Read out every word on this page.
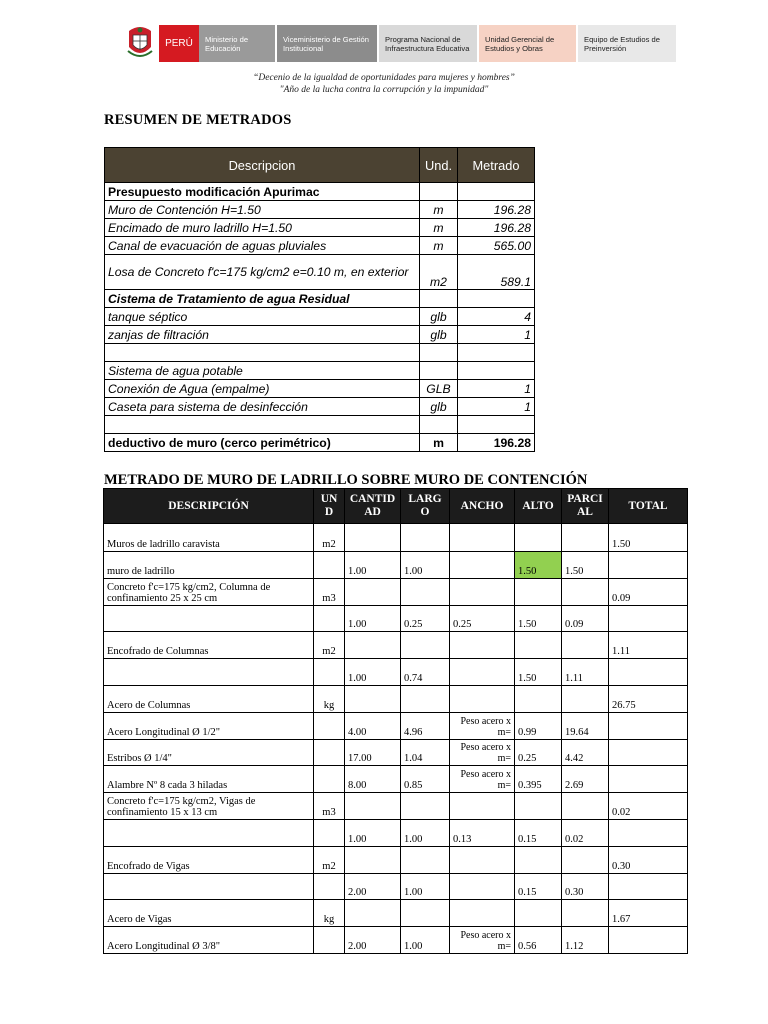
PERÚ	Ministerio de Educación
Viceministerio de Gestión Institucional
Programa Nacional de Infraestructura Educativa
Unidad Gerencial de Estudios y Obras
Equipo de Estudios de Preinversión
“Decenio de la igualdad de oportunidades para mujeres y hombres”
"Año de la lucha contra la corrupción y la impunidad"
RESUMEN DE METRADOS
Descripcion	Und.	Metrado
Presupuesto modificación Apurimac		
Muro de Contención H=1.50	m	196.28
Encimado de muro ladrillo H=1.50	m	196.28
Canal de evacuación de aguas pluviales	m	565.00
Losa de Concreto f'c=175 kg/cm2 e=0.10 m, en exterior	m2	589.1
Cistema de Tratamiento de agua Residual		
tanque séptico	glb	4
zanjas de filtración	glb	1

Sistema de agua potable		
Conexión de Agua (empalme)	GLB	1
Caseta para sistema de desinfección	glb	1

deductivo de muro (cerco perimétrico)	m	196.28
METRADO DE MURO DE LADRILLO SOBRE MURO DE CONTENCIÓN
DESCRIPCIÓN	UN D	CANTID AD	LARG O	ANCHO	ALTO	PARCI AL	TOTAL
Muros de ladrillo caravista	m2						1.50
muro de ladrillo		1.00	1.00		1.50	1.50	
Concreto f'c=175 kg/cm2, Columna de confinamiento 25 x 25 cm	m3						0.09
		1.00	0.25	0.25	1.50	0.09	
Encofrado de Columnas	m2						1.11
		1.00	0.74		1.50	1.11	
Acero de Columnas	kg						26.75
Acero Longitudinal Ø 1/2"		4.00	4.96	Peso acero x m=	0.99	19.64	
Estribos Ø 1/4"		17.00	1.04	Peso acero x m=	0.25	4.42	
Alambre Nº 8 cada 3 hiladas		8.00	0.85	Peso acero x m=	0.395	2.69	
Concreto f'c=175 kg/cm2, Vigas de confinamiento 15 x 13 cm	m3						0.02
		1.00	1.00	0.13	0.15	0.02	
Encofrado de Vigas	m2						0.30
		2.00	1.00		0.15	0.30	
Acero de Vigas	kg						1.67
Acero Longitudinal Ø 3/8"		2.00	1.00	Peso acero x m=	0.56	1.12	
